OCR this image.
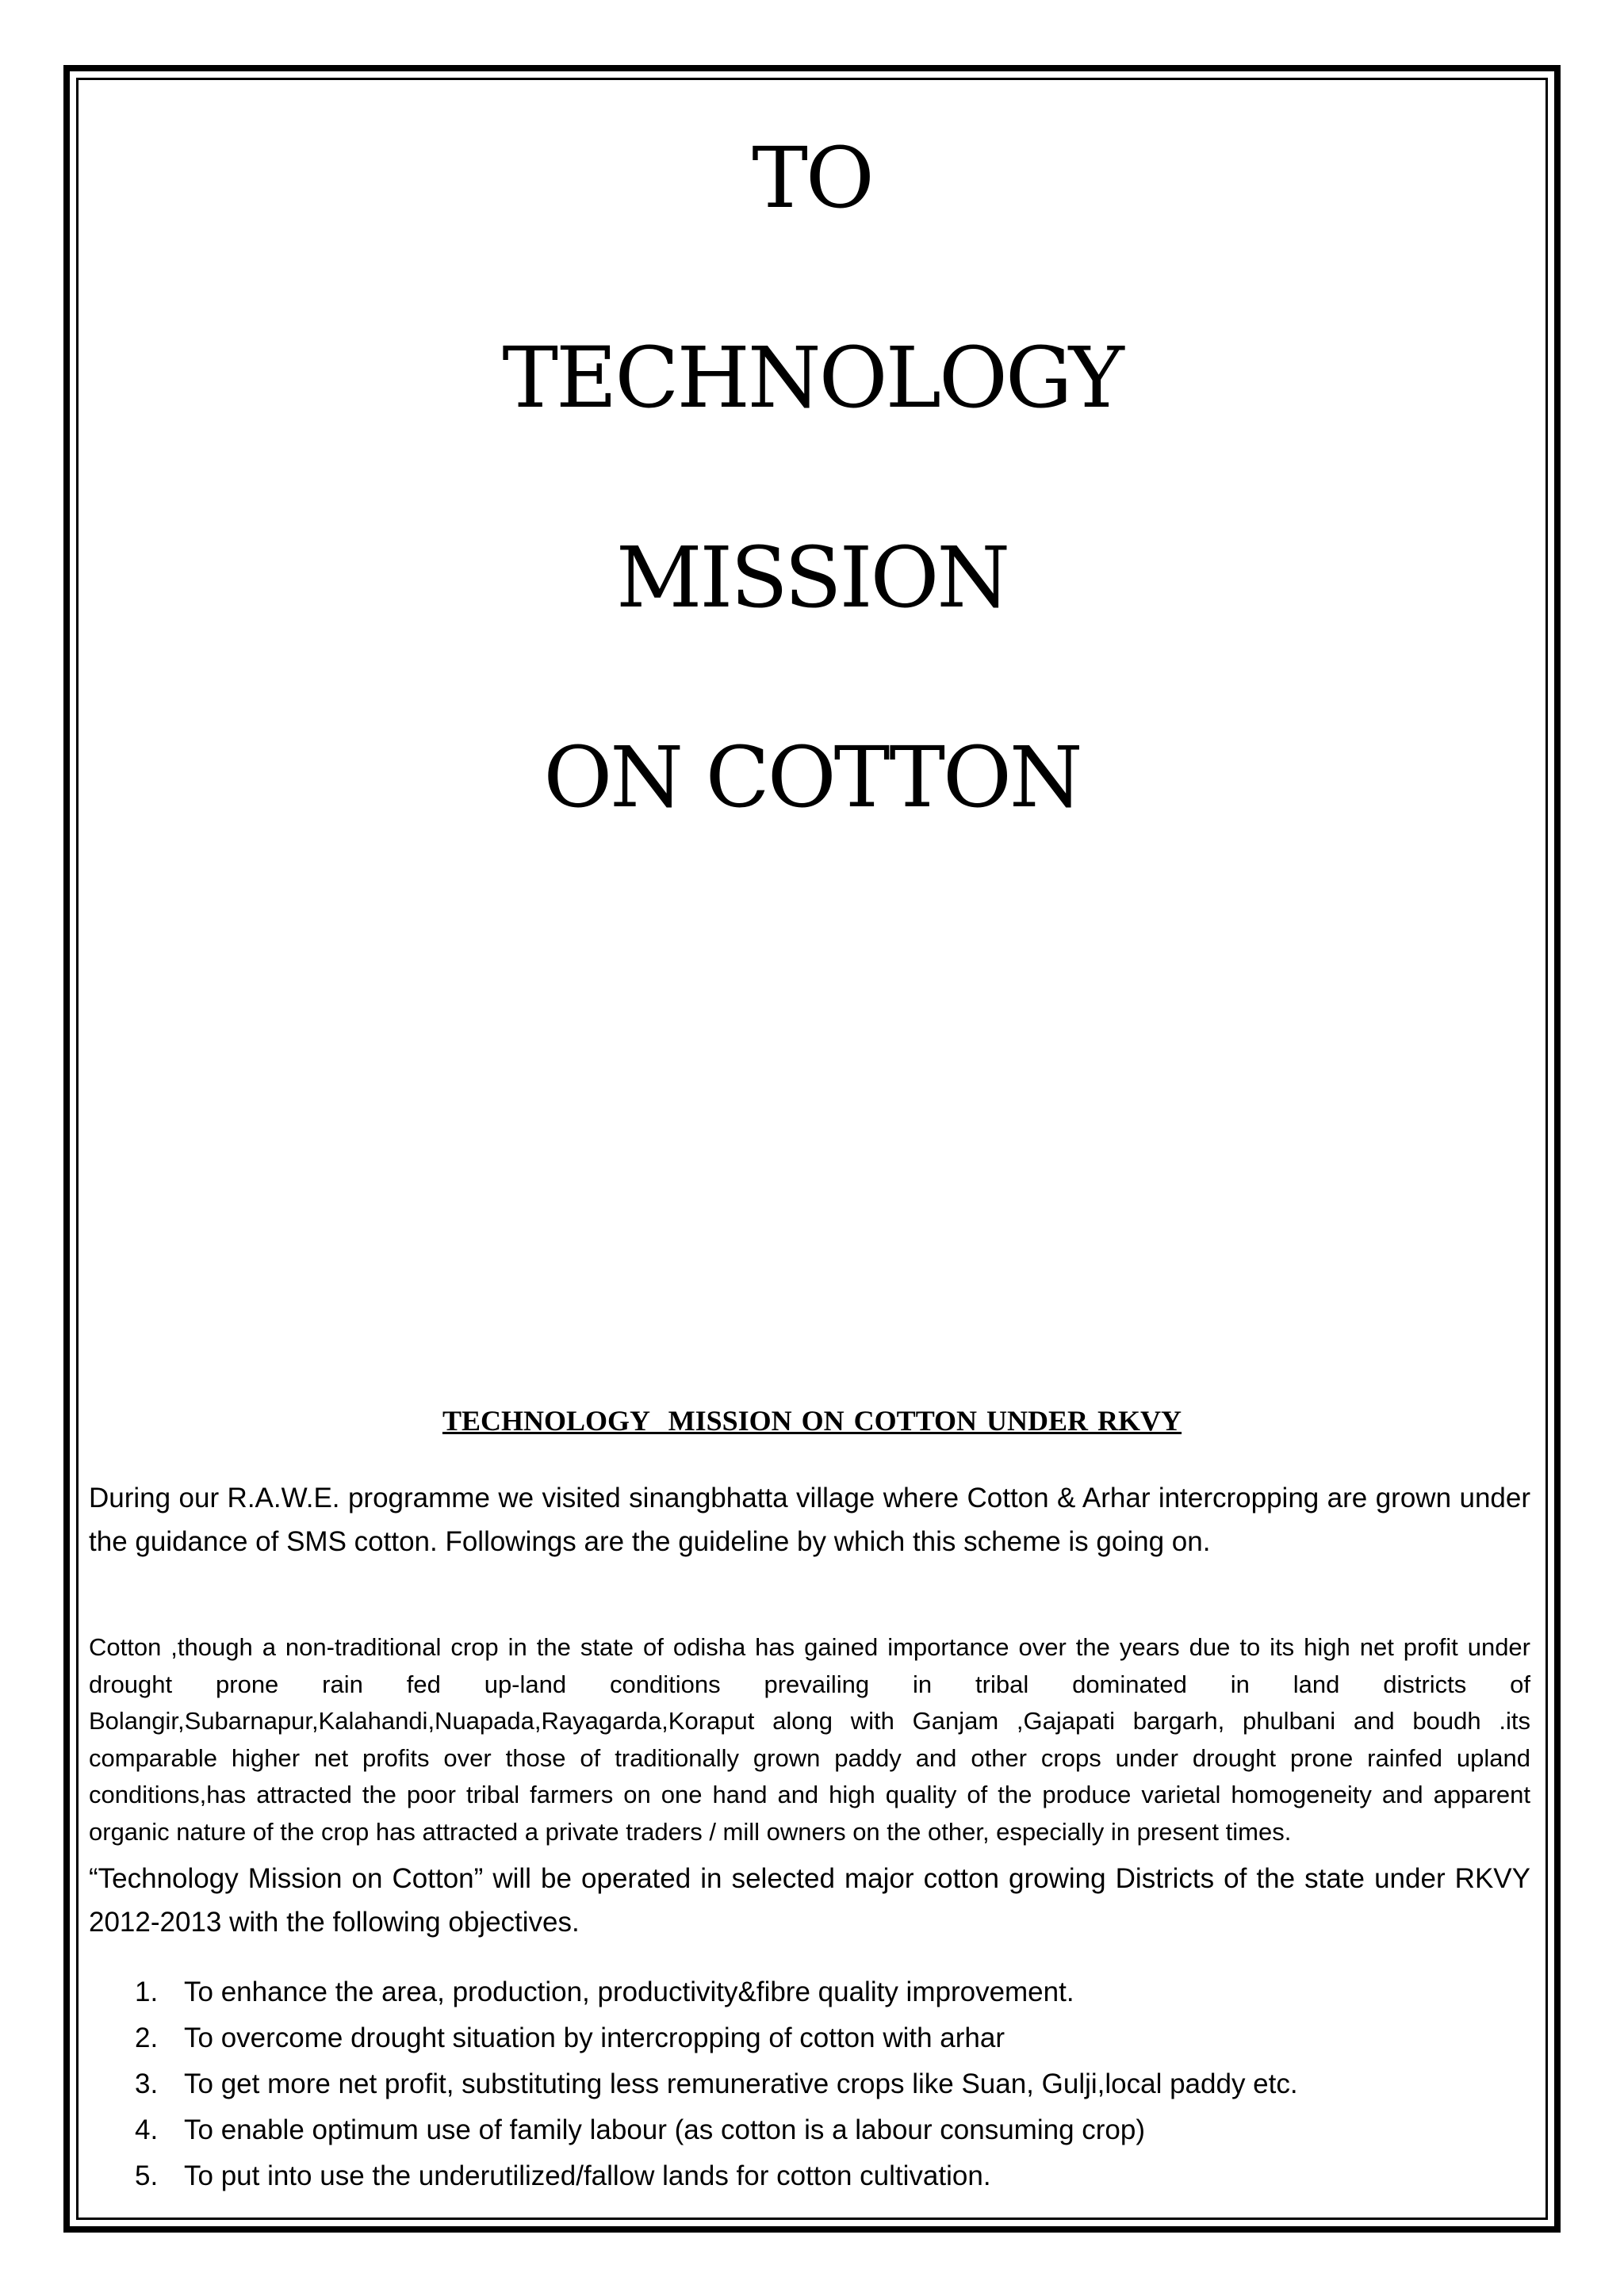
TO
TECHNOLOGY
MISSION
ON COTTON
TECHNOLOGY  MISSION ON COTTON UNDER RKVY
During our R.A.W.E. programme we visited sinangbhatta village where Cotton & Arhar intercropping are grown under the guidance of SMS cotton. Followings are the guideline by which this scheme is going on.
Cotton ,though a non-traditional crop in the state of odisha has gained importance over the years due to its high net profit under drought prone rain fed up-land conditions prevailing in tribal dominated in land districts of Bolangir,Subarnapur,Kalahandi,Nuapada,Rayagarda,Koraput along with Ganjam ,Gajapati bargarh, phulbani and boudh .its comparable higher net profits over those of traditionally grown paddy and other crops under drought prone rainfed upland conditions,has attracted the poor tribal farmers on one hand and high quality of the produce varietal homogeneity and apparent organic nature of the crop has attracted a private traders / mill owners on the other, especially in present times.
“Technology Mission on Cotton” will be operated in selected major cotton growing Districts of the state under RKVY 2012-2013 with the following objectives.
1. To enhance the area, production, productivity&fibre quality improvement.
2. To overcome drought situation by intercropping of cotton with arhar
3. To get more net profit, substituting less remunerative crops like Suan, Gulji,local paddy etc.
4. To enable optimum use of family labour (as cotton is a labour consuming crop)
5. To put into use the underutilized/fallow lands for cotton cultivation.
